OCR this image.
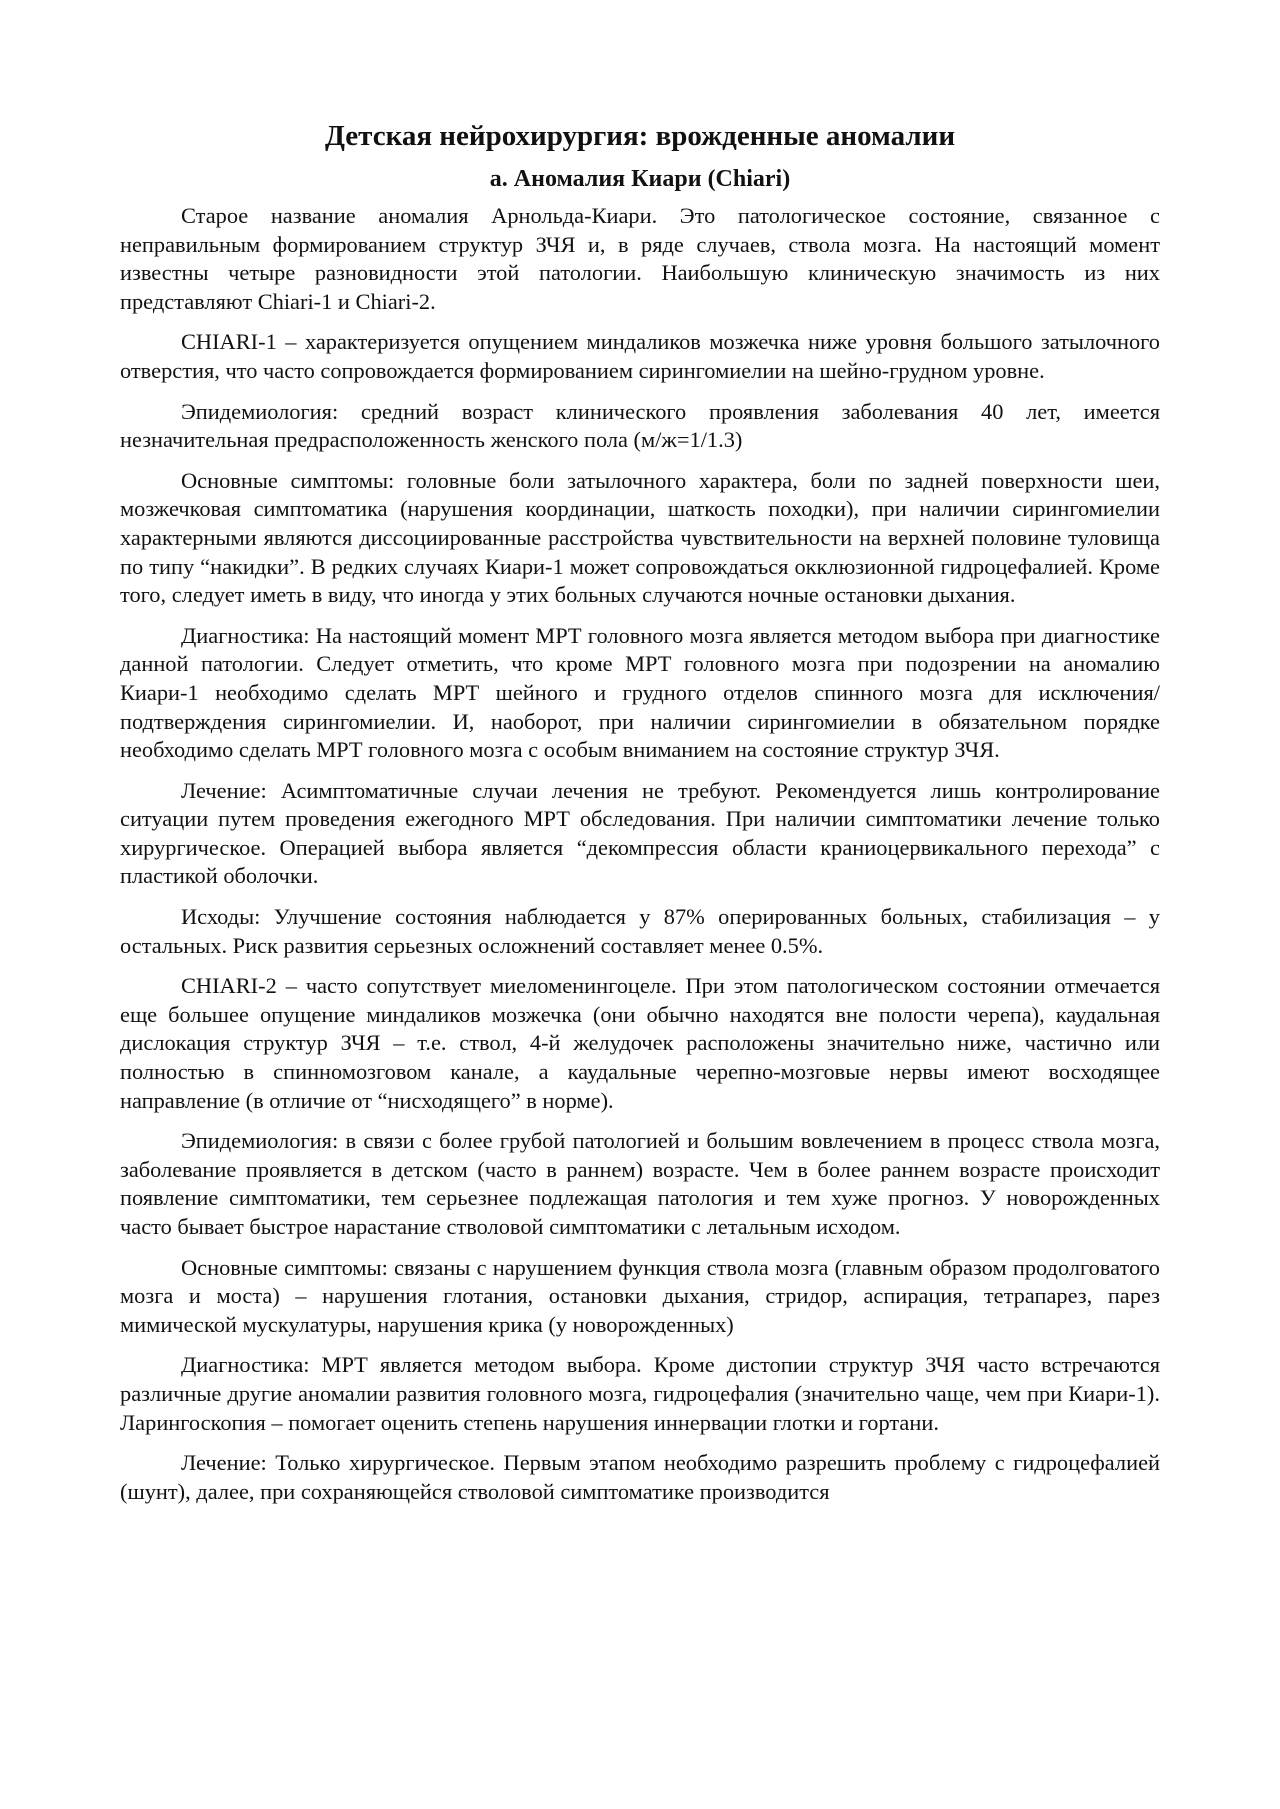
Детская нейрохирургия: врожденные аномалии
а. Аномалия Киари (Chiari)

Старое название аномалия Арнольда-Киари. Это патологическое состояние, связанное с неправильным формированием структур ЗЧЯ и, в ряде случаев, ствола мозга. На настоящий момент известны четыре разновидности этой патологии. Наибольшую клиническую значимость из них представляют Chiari-1 и Chiari-2.

CHIARI-1 – характеризуется опущением миндаликов мозжечка ниже уровня большого затылочного отверстия, что часто сопровождается формированием сирингомиелии на шейно-грудном уровне.

Эпидемиология: средний возраст клинического проявления заболевания 40 лет, имеется незначительная предрасположенность женского пола (м/ж=1/1.3)

Основные симптомы: головные боли затылочного характера, боли по задней поверхности шеи, мозжечковая симптоматика (нарушения координации, шаткость походки), при наличии сирингомиелии характерными являются диссоциированные расстройства чувствительности на верхней половине туловища по типу “накидки”. В редких случаях Киари-1 может сопровождаться окклюзионной гидроцефалией. Кроме того, следует иметь в виду, что иногда у этих больных случаются ночные остановки дыхания.

Диагностика: На настоящий момент МРТ головного мозга является методом выбора при диагностике данной патологии. Следует отметить, что кроме МРТ головного мозга при подозрении на аномалию Киари-1 необходимо сделать МРТ шейного и грудного отделов спинного мозга для исключения/подтверждения сирингомиелии. И, наоборот, при наличии сирингомиелии в обязательном порядке необходимо сделать МРТ головного мозга с особым вниманием на состояние структур ЗЧЯ.

Лечение: Асимптоматичные случаи лечения не требуют. Рекомендуется лишь контролирование ситуации путем проведения ежегодного МРТ обследования. При наличии симптоматики лечение только хирургическое. Операцией выбора является “декомпрессия области краниоцервикального перехода” с пластикой оболочки.

Исходы: Улучшение состояния наблюдается у 87% оперированных больных, стабилизация – у остальных. Риск развития серьезных осложнений составляет менее 0.5%.

CHIARI-2 – часто сопутствует миеломенингоцеле. При этом патологическом состоянии отмечается еще большее опущение миндаликов мозжечка (они обычно находятся вне полости черепа), каудальная дислокация структур ЗЧЯ – т.е. ствол, 4-й желудочек расположены значительно ниже, частично или полностью в спинномозговом канале, а каудальные черепно-мозговые нервы имеют восходящее направление (в отличие от “нисходящего” в норме).

Эпидемиология: в связи с более грубой патологией и большим вовлечением в процесс ствола мозга, заболевание проявляется в детском (часто в раннем) возрасте. Чем в более раннем возрасте происходит появление симптоматики, тем серьезнее подлежащая патология и тем хуже прогноз. У новорожденных часто бывает быстрое нарастание стволовой симптоматики с летальным исходом.

Основные симптомы: связаны с нарушением функция ствола мозга (главным образом продолговатого мозга и моста) – нарушения глотания, остановки дыхания, стридор, аспирация, тетрапарез, парез мимической мускулатуры, нарушения крика (у новорожденных)

Диагностика: МРТ является методом выбора. Кроме дистопии структур ЗЧЯ часто встречаются различные другие аномалии развития головного мозга, гидроцефалия (значительно чаще, чем при Киари-1). Ларингоскопия – помогает оценить степень нарушения иннервации глотки и гортани.

Лечение: Только хирургическое. Первым этапом необходимо разрешить проблему с гидроцефалией (шунт), далее, при сохраняющейся стволовой симптоматике производится
